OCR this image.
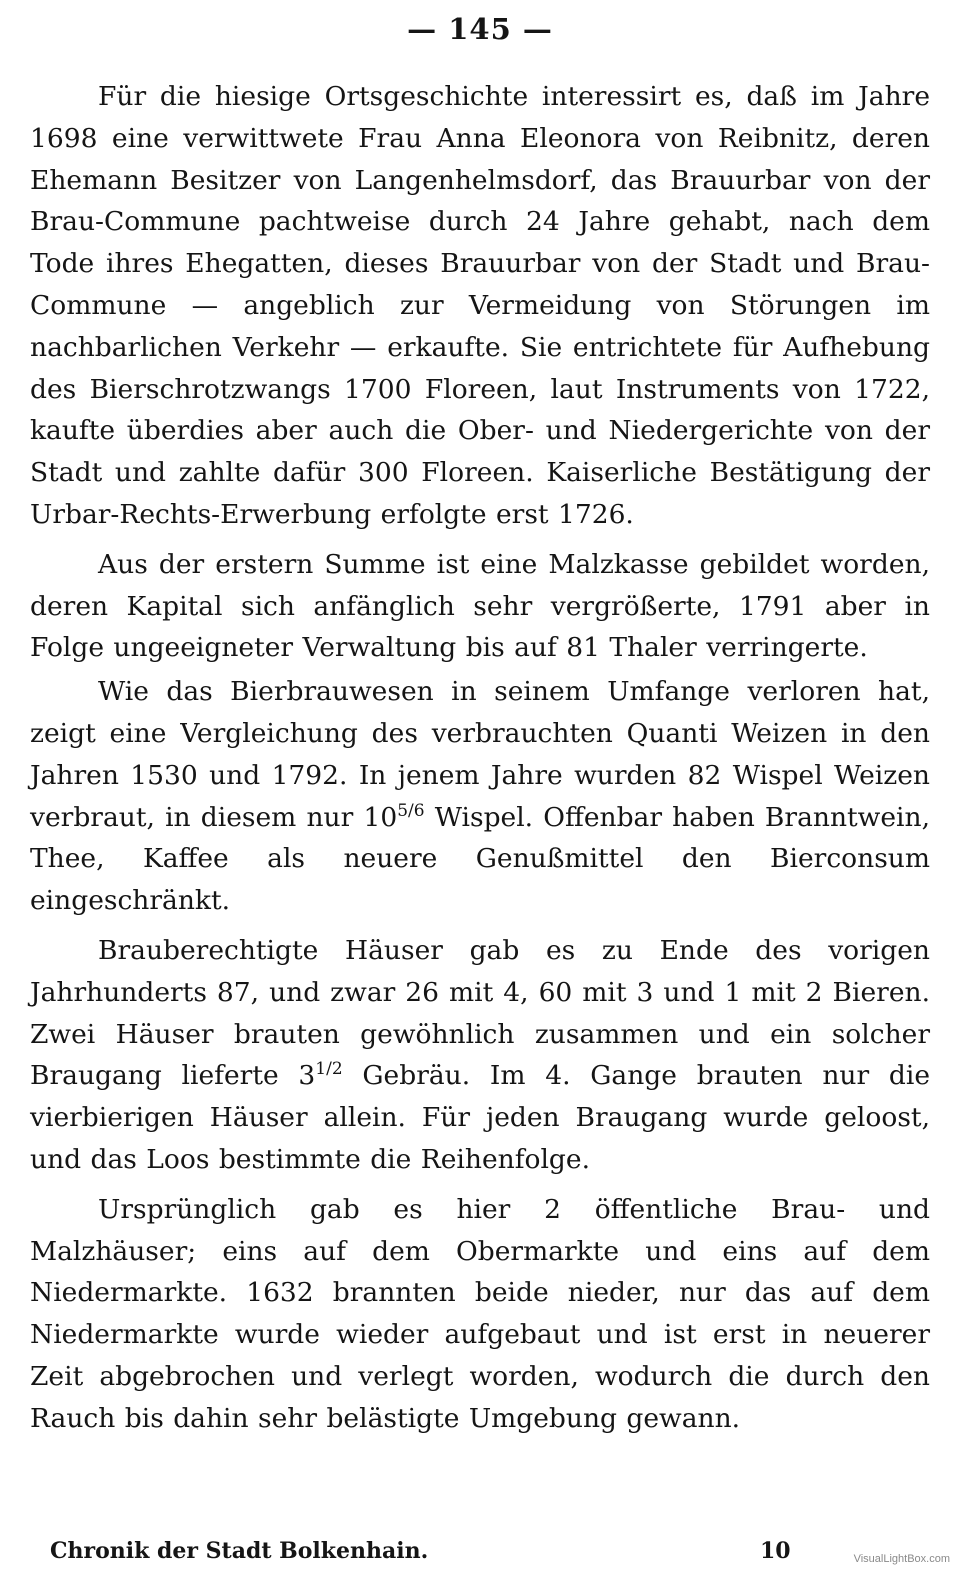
— 145 —

Für die hiesige Ortsgeschichte interessirt es, daß im Jahre 1698 eine verwittwete Frau Anna Eleonora von Reibnitz, deren Ehemann Besitzer von Langenhelmsdorf, das Brauurbar von der Brau-Commune pachtweise durch 24 Jahre gehabt, nach dem Tode ihres Ehegatten, dieses Brauurbar von der Stadt und Brau-Commune — angeblich zur Vermeidung von Störungen im nachbarlichen Verkehr — erkaufte. Sie entrichtete für Aufhebung des Bierschrotzwangs 1700 Floreen, laut Instruments von 1722, kaufte überdies aber auch die Ober- und Niedergerichte von der Stadt und zahlte dafür 300 Floreen. Kaiserliche Bestätigung der Urbar-Rechts-Erwerbung erfolgte erst 1726.

Aus der erstern Summe ist eine Malzkasse gebildet worden, deren Kapital sich anfänglich sehr vergrößerte, 1791 aber in Folge ungeeigneter Verwaltung bis auf 81 Thaler verringerte.

Wie das Bierbrauwesen in seinem Umfange verloren hat, zeigt eine Vergleichung des verbrauchten Quanti Weizen in den Jahren 1530 und 1792. In jenem Jahre wurden 82 Wispel Weizen verbraut, in diesem nur $10^{5/6}$ Wispel. Offenbar haben Branntwein, Thee, Kaffee als neuere Genußmittel den Bierconsum eingeschränkt.

Brauberechtigte Häuser gab es zu Ende des vorigen Jahrhunderts 87, und zwar 26 mit 4, 60 mit 3 und 1 mit 2 Bieren. Zwei Häuser brauten gewöhnlich zusammen und ein solcher Braugang lieferte $3^{1/2}$ Gebräu. Im 4. Gange brauten nur die vierbierigen Häuser allein. Für jeden Braugang wurde geloost, und das Loos bestimmte die Reihenfolge.

Ursprünglich gab es hier 2 öffentliche Brau- und Malzhäuser; eins auf dem Obermarkte und eins auf dem Niedermarkte. 1632 brannten beide nieder, nur das auf dem Niedermarkte wurde wieder aufgebaut und ist erst in neuerer Zeit abgebrochen und verlegt worden, wodurch die durch den Rauch bis dahin sehr belästigte Umgebung gewann.

Chronik der Stadt Bolkenhain.	10	VisualLightBox.com
